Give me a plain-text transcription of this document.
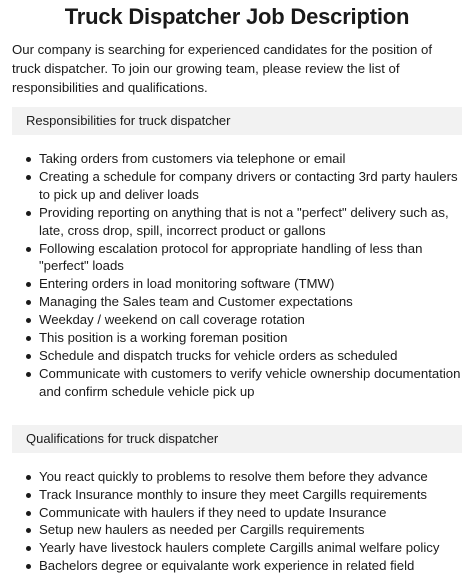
Truck Dispatcher Job Description

Our company is searching for experienced candidates for the position of truck dispatcher. To join our growing team, please review the list of responsibilities and qualifications.

Responsibilities for truck dispatcher
Taking orders from customers via telephone or email
Creating a schedule for company drivers or contacting 3rd party haulers to pick up and deliver loads
Providing reporting on anything that is not a "perfect" delivery such as, late, cross drop, spill, incorrect product or gallons
Following escalation protocol for appropriate handling of less than "perfect" loads
Entering orders in load monitoring software (TMW)
Managing the Sales team and Customer expectations
Weekday / weekend on call coverage rotation
This position is a working foreman position
Schedule and dispatch trucks for vehicle orders as scheduled
Communicate with customers to verify vehicle ownership documentation and confirm schedule vehicle pick up
Qualifications for truck dispatcher
You react quickly to problems to resolve them before they advance
Track Insurance monthly to insure they meet Cargills requirements
Communicate with haulers if they need to update Insurance
Setup new haulers as needed per Cargills requirements
Yearly have livestock haulers complete Cargills animal welfare policy
Bachelors degree or equivalante work experience in related field
